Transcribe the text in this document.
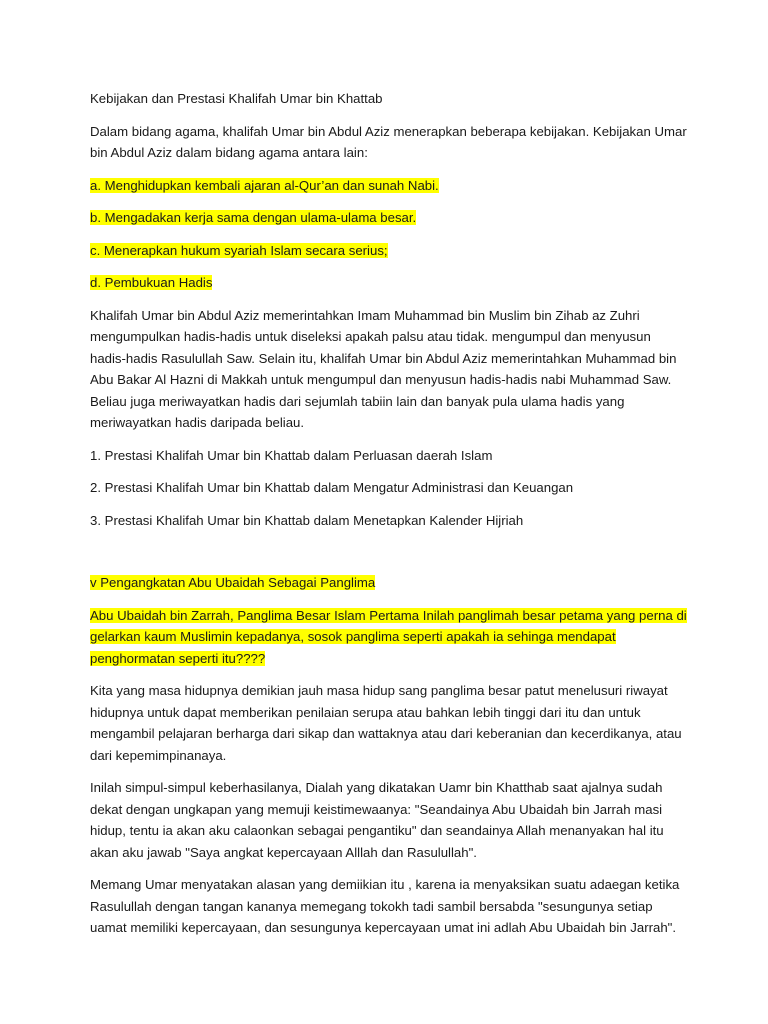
Kebijakan dan Prestasi Khalifah Umar bin Khattab

Dalam bidang agama, khalifah Umar bin Abdul Aziz menerapkan beberapa kebijakan. Kebijakan Umar bin Abdul Aziz dalam bidang agama antara lain:

a. Menghidupkan kembali ajaran al-Qur’an dan sunah Nabi.

b. Mengadakan kerja sama dengan ulama-ulama besar.

c. Menerapkan hukum syariah Islam secara serius;

d. Pembukuan Hadis

Khalifah Umar bin Abdul Aziz memerintahkan Imam Muhammad bin Muslim bin Zihab az Zuhri mengumpulkan hadis-hadis untuk diseleksi apakah palsu atau tidak. mengumpul dan menyusun hadis-hadis Rasulullah Saw. Selain itu, khalifah Umar bin Abdul Aziz memerintahkan Muhammad bin Abu Bakar Al Hazni di Makkah untuk mengumpul dan menyusun hadis-hadis nabi Muhammad Saw. Beliau juga meriwayatkan hadis dari sejumlah tabiin lain dan banyak pula ulama hadis yang meriwayatkan hadis daripada beliau.

1. Prestasi Khalifah Umar bin Khattab dalam Perluasan daerah Islam

2. Prestasi Khalifah Umar bin Khattab dalam Mengatur Administrasi dan Keuangan

3. Prestasi Khalifah Umar bin Khattab dalam Menetapkan Kalender Hijriah

v Pengangkatan Abu Ubaidah Sebagai Panglima

Abu Ubaidah bin Zarrah, Panglima Besar Islam Pertama Inilah panglimah besar petama yang perna di gelarkan kaum Muslimin kepadanya, sosok panglima seperti apakah ia sehinga mendapat penghormatan seperti itu????

Kita yang masa hidupnya demikian jauh masa hidup sang panglima besar patut menelusuri riwayat hidupnya untuk dapat memberikan penilaian serupa atau bahkan lebih tinggi dari itu dan untuk mengambil pelajaran berharga dari sikap dan wattaknya atau dari keberanian dan kecerdikanya, atau dari kepemimpinanaya.

Inilah simpul-simpul keberhasilanya, Dialah yang dikatakan Uamr bin Khatthab saat ajalnya sudah dekat dengan ungkapan yang memuji keistimewaanya: "Seandainya Abu Ubaidah bin Jarrah masi hidup, tentu ia akan aku calaonkan sebagai pengantiku" dan seandainya Allah menanyakan hal itu akan aku jawab "Saya angkat kepercayaan Alllah dan Rasulullah".

Memang Umar menyatakan alasan yang demiikian itu , karena ia menyaksikan suatu adaegan ketika Rasulullah dengan tangan kananya memegang tokokh tadi sambil bersabda "sesungunya setiap uamat memiliki kepercayaan, dan sesungunya kepercayaan umat ini adlah Abu Ubaidah bin Jarrah".
